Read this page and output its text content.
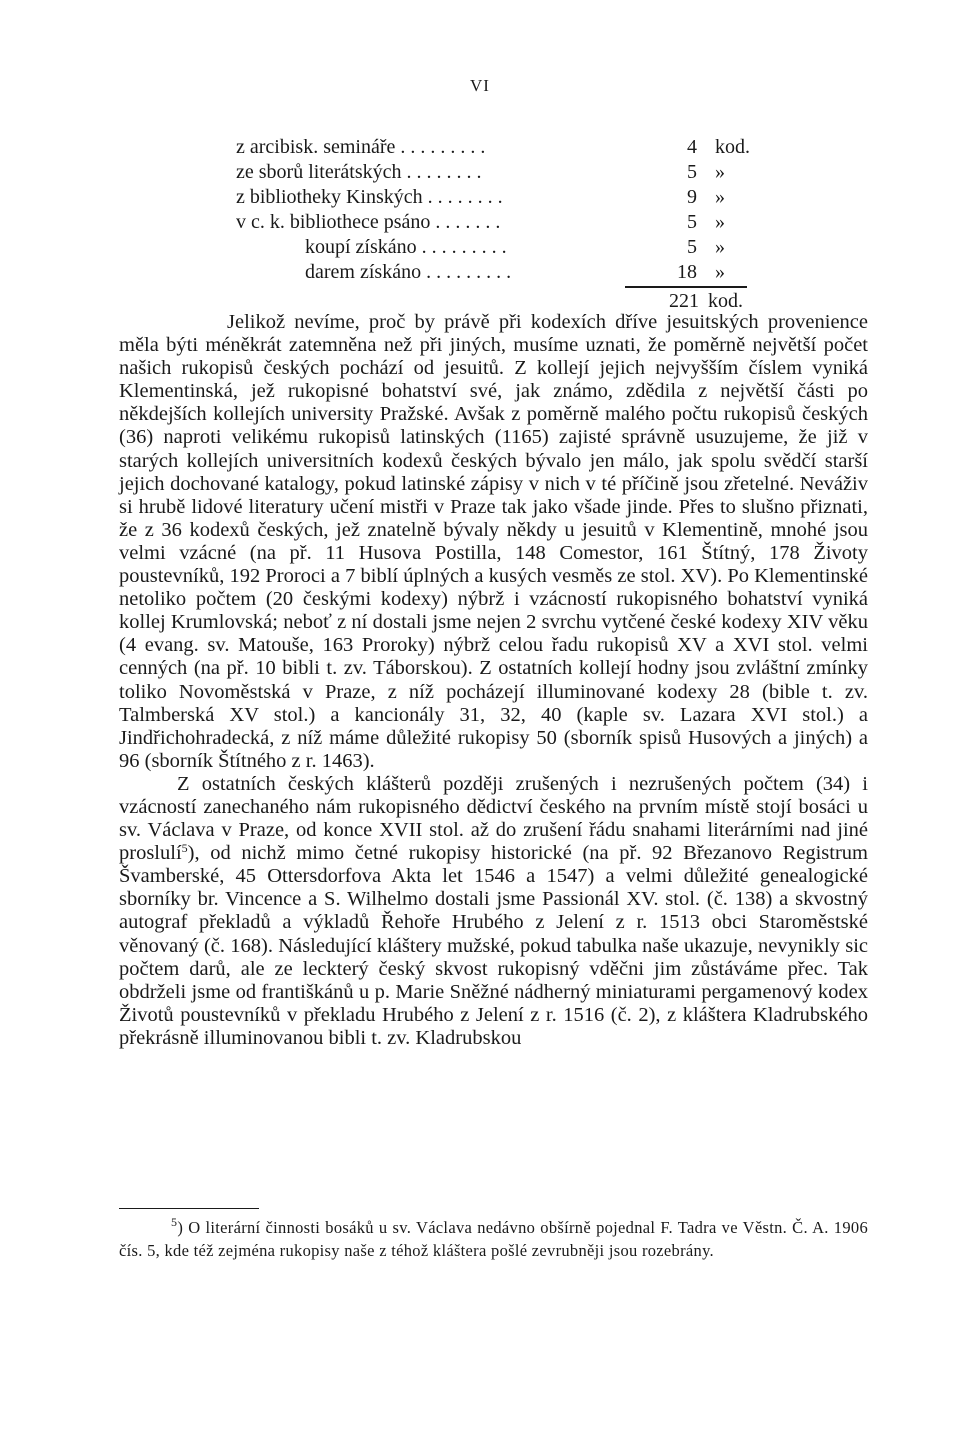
VI
z arcibisk. semináře . . . . . . . . .	4 kod.
ze sborů literátských . . . . . . . .	5 »
z bibliotheky Kinských . . . . . . . .	9 »
v c. k. bibliothece psáno . . . . . . .	5 »
koupí získáno . . . . . . . . .	5 »
darem získáno . . . . . . . . .	18 »
221 kod.

Jelikož nevíme, proč by právě při kodexích dříve jesuitských provenience měla býti méněkrát zatemněna než při jiných, musíme uznati, že poměrně největší počet našich rukopisů českých pochází od jesuitů. Z kollejí jejich nejvyšším číslem vyniká Klementinská, jež rukopisné bohatství své, jak známo, zdědila z největší části po někdejších kollejích university Pražské. Avšak z poměrně malého počtu rukopisů českých (36) naproti velikému rukopisů latinských (1165) zajisté správně usuzujeme, že již v starých kollejích universitních kodexů českých bývalo jen málo, jak spolu svědčí starší jejich dochované katalogy, pokud latinské zápisy v nich v té příčině jsou zřetelné. Neváživ si hrubě lidové literatury učení mistři v Praze tak jako všade jinde. Přes to slušno přiznati, že z 36 kodexů českých, jež znatelně bývaly někdy u jesuitů v Klementině, mnohé jsou velmi vzácné (na př. 11 Husova Postilla, 148 Comestor, 161 Štítný, 178 Životy poustevníků, 192 Proroci a 7 biblí úplných a kusých vesměs ze stol. XV). Po Klementinské netoliko počtem (20 českými kodexy) nýbrž i vzácností rukopisného bohatství vyniká kollej Krumlovská; neboť z ní dostali jsme nejen 2 svrchu vytčené české kodexy XIV věku (4 evang. sv. Matouše, 163 Proroky) nýbrž celou řadu rukopisů XV a XVI stol. velmi cenných (na př. 10 bibli t. zv. Táborskou). Z ostatních kollejí hodny jsou zvláštní zmínky toliko Novoměstská v Praze, z níž pocházejí illuminované kodexy 28 (bible t. zv. Talmberská XV stol.) a kancionály 31, 32, 40 (kaple sv. Lazara XVI stol.) a Jindřichohradecká, z níž máme důležité rukopisy 50 (sborník spisů Husových a jiných) a 96 (sborník Štítného z r. 1463).

Z ostatních českých klášterů později zrušených i nezrušených počtem (34) i vzácností zanechaného nám rukopisného dědictví českého na prvním místě stojí bosáci u sv. Václava v Praze, od konce XVII stol. až do zrušení řádu snahami literárními nad jiné proslulí$^5$), od nichž mimo četné rukopisy historické (na př. 92 Březanovo Registrum Švamberské, 45 Ottersdorfova Akta let 1546 a 1547) a velmi důležité genealogické sborníky br. Vincence a S. Wilhelmo dostali jsme Passionál XV. stol. (č. 138) a skvostný autograf překladů a výkladů Řehoře Hrubého z Jelení z r. 1513 obci Staroměstské věnovaný (č. 168). Následující kláštery mužské, pokud tabulka naše ukazuje, nevynikly sic počtem darů, ale ze leckterý český skvost rukopisný vděčni jim zůstáváme přec. Tak obdrželi jsme od františkánů u p. Marie Sněžné nádherný miniaturami pergamenový kodex Životů poustevníků v překladu Hrubého z Jelení z r. 1516 (č. 2), z kláštera Kladrubského překrásně illuminovanou bibli t. zv. Kladrubskou

$^5$) O literární činnosti bosáků u sv. Václava nedávno obšírně pojednal F. Tadra ve Věstn. Č. A. 1906 čís. 5, kde též zejména rukopisy naše z téhož kláštera pošlé zevrubněji jsou rozebrány.
